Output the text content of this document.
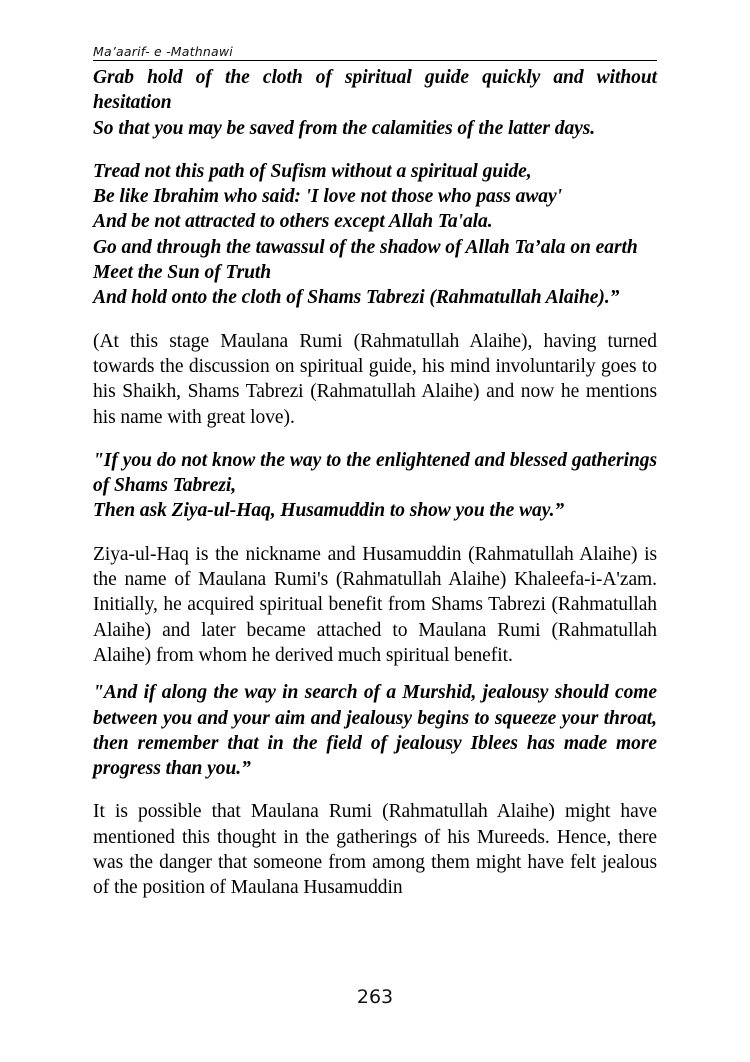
Ma’aarif- e -Mathnawi

Grab hold of the cloth of spiritual guide quickly and without hesitation

So that you may be saved from the calamities of the latter days.

Tread not this path of Sufism without a spiritual guide,

Be like Ibrahim who said: 'I love not those who pass away'

And be not attracted to others except Allah Ta'ala.

Go and through the tawassul of the shadow of Allah Ta’ala on earth

Meet the Sun of Truth

And hold onto the cloth of Shams Tabrezi (Rahmatullah Alaihe).”

(At this stage Maulana Rumi (Rahmatullah Alaihe), having turned towards the discussion on spiritual guide, his mind involuntarily goes to his Shaikh, Shams Tabrezi (Rahmatullah Alaihe) and now he mentions his name with great love).

"If you do not know the way to the enlightened and blessed gatherings of Shams Tabrezi,

Then ask Ziya-ul-Haq, Husamuddin to show you the way.”

Ziya-ul-Haq is the nickname and Husamuddin (Rahmatullah Alaihe) is the name of Maulana Rumi's (Rahmatullah Alaihe) Khaleefa-i-A'zam. Initially, he acquired spiritual benefit from Shams Tabrezi (Rahmatullah Alaihe) and later became attached to Maulana Rumi (Rahmatullah Alaihe) from whom he derived much spiritual benefit.

"And if along the way in search of a Murshid, jealousy should come between you and your aim and jealousy begins to squeeze your throat, then remember that in the field of jealousy Iblees has made more progress than you.”

It is possible that Maulana Rumi (Rahmatullah Alaihe) might have mentioned this thought in the gatherings of his Mureeds. Hence, there was the danger that someone from among them might have felt jealous of the position of Maulana Husamuddin
263
